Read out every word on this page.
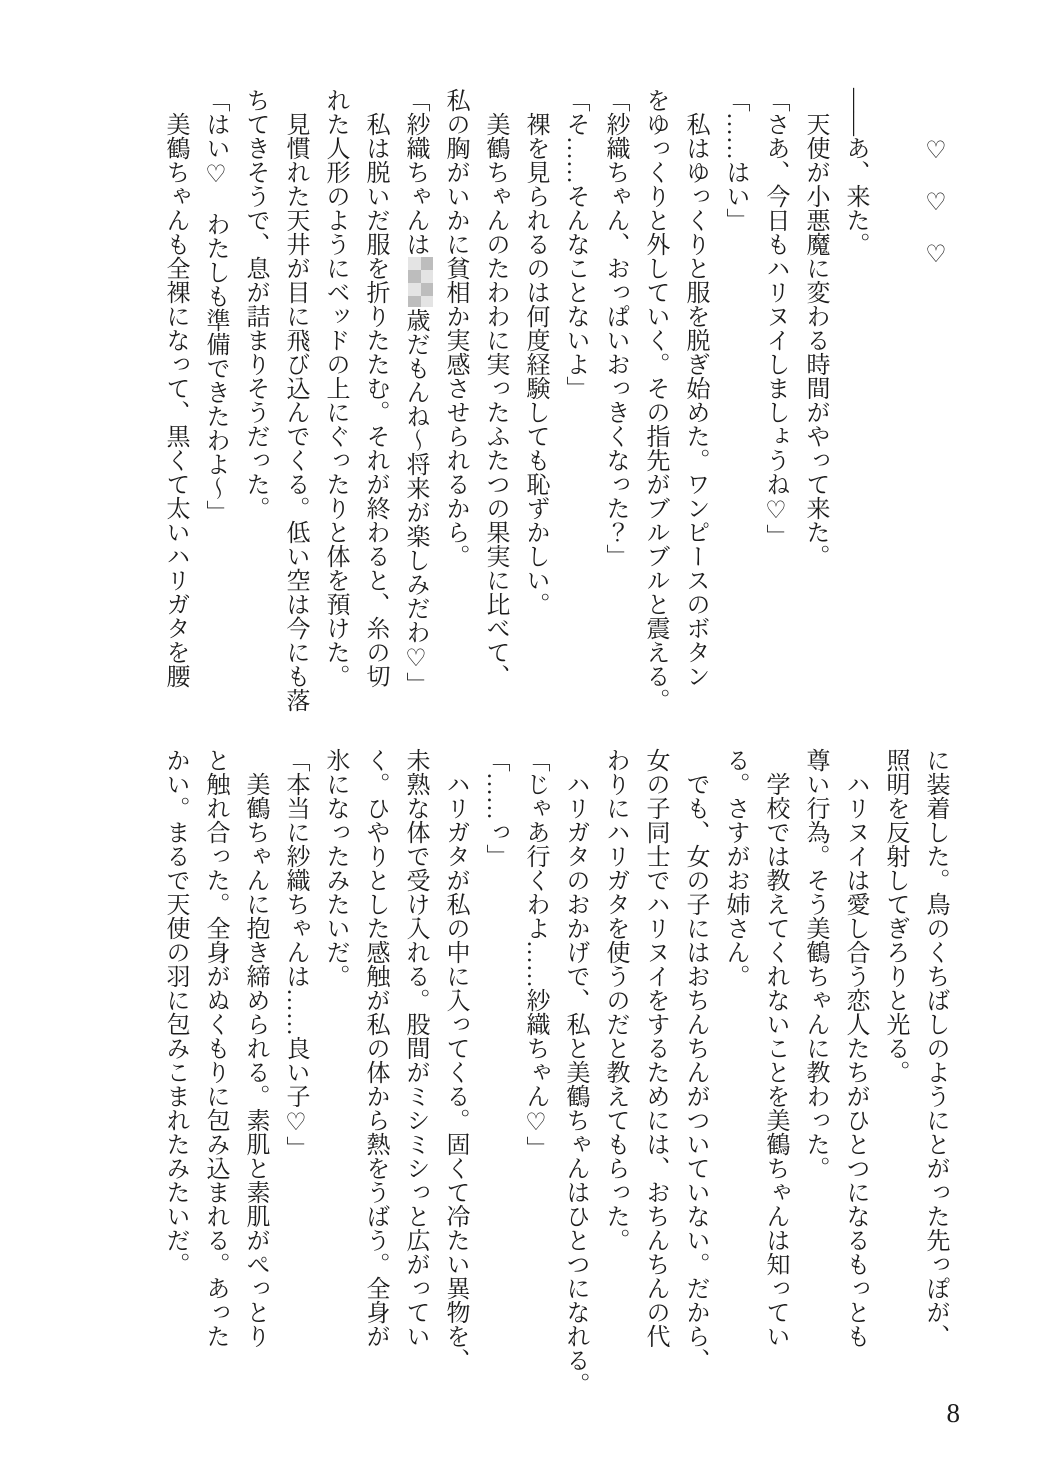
　　♡　♡　♡

——あ、来た。

　天使が小悪魔に変わる時間がやって来た。

「さあ、今日もハリヌイしましょうね♡」

「……はい」

　私はゆっくりと服を脱ぎ始めた。ワンピースのボタン

をゆっくりと外していく。その指先がブルブルと震える。

「紗織ちゃん、おっぱいおっきくなった？」

「そ……そんなことないよ」

　裸を見られるのは何度経験しても恥ずかしい。

　美鶴ちゃんのたわわに実ったふたつの果実に比べて、

私の胸がいかに貧相か実感させられるから。

「紗織ちゃんは歳だもんね～将来が楽しみだわ♡」

　私は脱いだ服を折りたたむ。それが終わると、糸の切

れた人形のようにベッドの上にぐったりと体を預けた。

　見慣れた天井が目に飛び込んでくる。低い空は今にも落

ちてきそうで、息が詰まりそうだった。

「はい♡　わたしも準備できたわよ～」

　美鶴ちゃんも全裸になって、黒くて太いハリガタを腰

に装着した。鳥のくちばしのようにとがった先っぽが、

照明を反射してぎろりと光る。

　ハリヌイは愛し合う恋人たちがひとつになるもっとも

尊い行為。そう美鶴ちゃんに教わった。

　学校では教えてくれないことを美鶴ちゃんは知ってい

る。さすがお姉さん。

　でも、女の子にはおちんちんがついていない。だから、

女の子同士でハリヌイをするためには、おちんちんの代

わりにハリガタを使うのだと教えてもらった。

　ハリガタのおかげで、私と美鶴ちゃんはひとつになれる。

「じゃあ行くわよ……紗織ちゃん♡」

「……っ」

　ハリガタが私の中に入ってくる。固くて冷たい異物を、

未熟な体で受け入れる。股間がミシミシっと広がってい

く。ひやりとした感触が私の体から熱をうばう。全身が

氷になったみたいだ。

「本当に紗織ちゃんは……良い子♡」

　美鶴ちゃんに抱き締められる。素肌と素肌がぺっとり

と触れ合った。全身がぬくもりに包み込まれる。あった

かい。まるで天使の羽に包みこまれたみたいだ。

8
